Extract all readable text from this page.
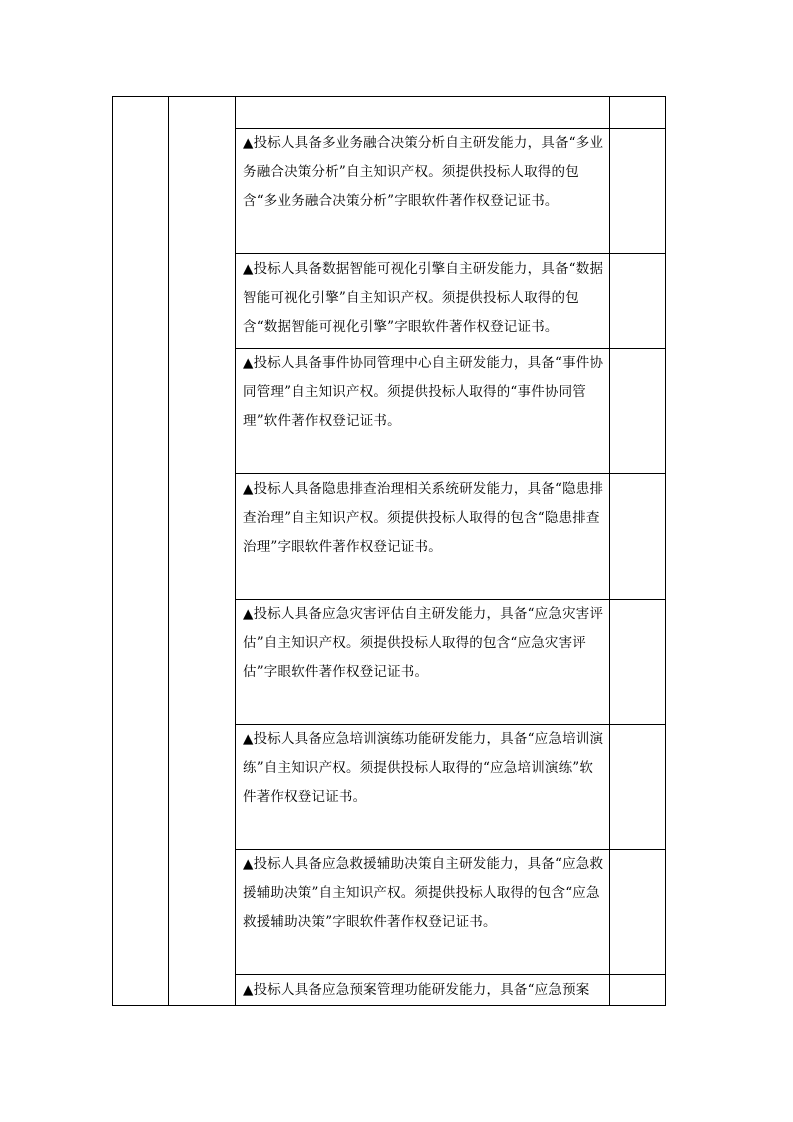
▲投标人具备多业务融合决策分析自主研发能力，具备“多业务融合决策分析”自主知识产权。须提供投标人取得的包含“多业务融合决策分析”字眼软件著作权登记证书。
▲投标人具备数据智能可视化引擎自主研发能力，具备“数据智能可视化引擎”自主知识产权。须提供投标人取得的包含“数据智能可视化引擎”字眼软件著作权登记证书。
▲投标人具备事件协同管理中心自主研发能力，具备“事件协同管理”自主知识产权。须提供投标人取得的“事件协同管理”软件著作权登记证书。
▲投标人具备隐患排查治理相关系统研发能力，具备“隐患排查治理”自主知识产权。须提供投标人取得的包含“隐患排查治理”字眼软件著作权登记证书。
▲投标人具备应急灾害评估自主研发能力，具备“应急灾害评估”自主知识产权。须提供投标人取得的包含“应急灾害评估”字眼软件著作权登记证书。
▲投标人具备应急培训演练功能研发能力，具备“应急培训演练”自主知识产权。须提供投标人取得的“应急培训演练”软件著作权登记证书。
▲投标人具备应急救援辅助决策自主研发能力，具备“应急救援辅助决策”自主知识产权。须提供投标人取得的包含“应急救援辅助决策”字眼软件著作权登记证书。
▲投标人具备应急预案管理功能研发能力，具备“应急预案
